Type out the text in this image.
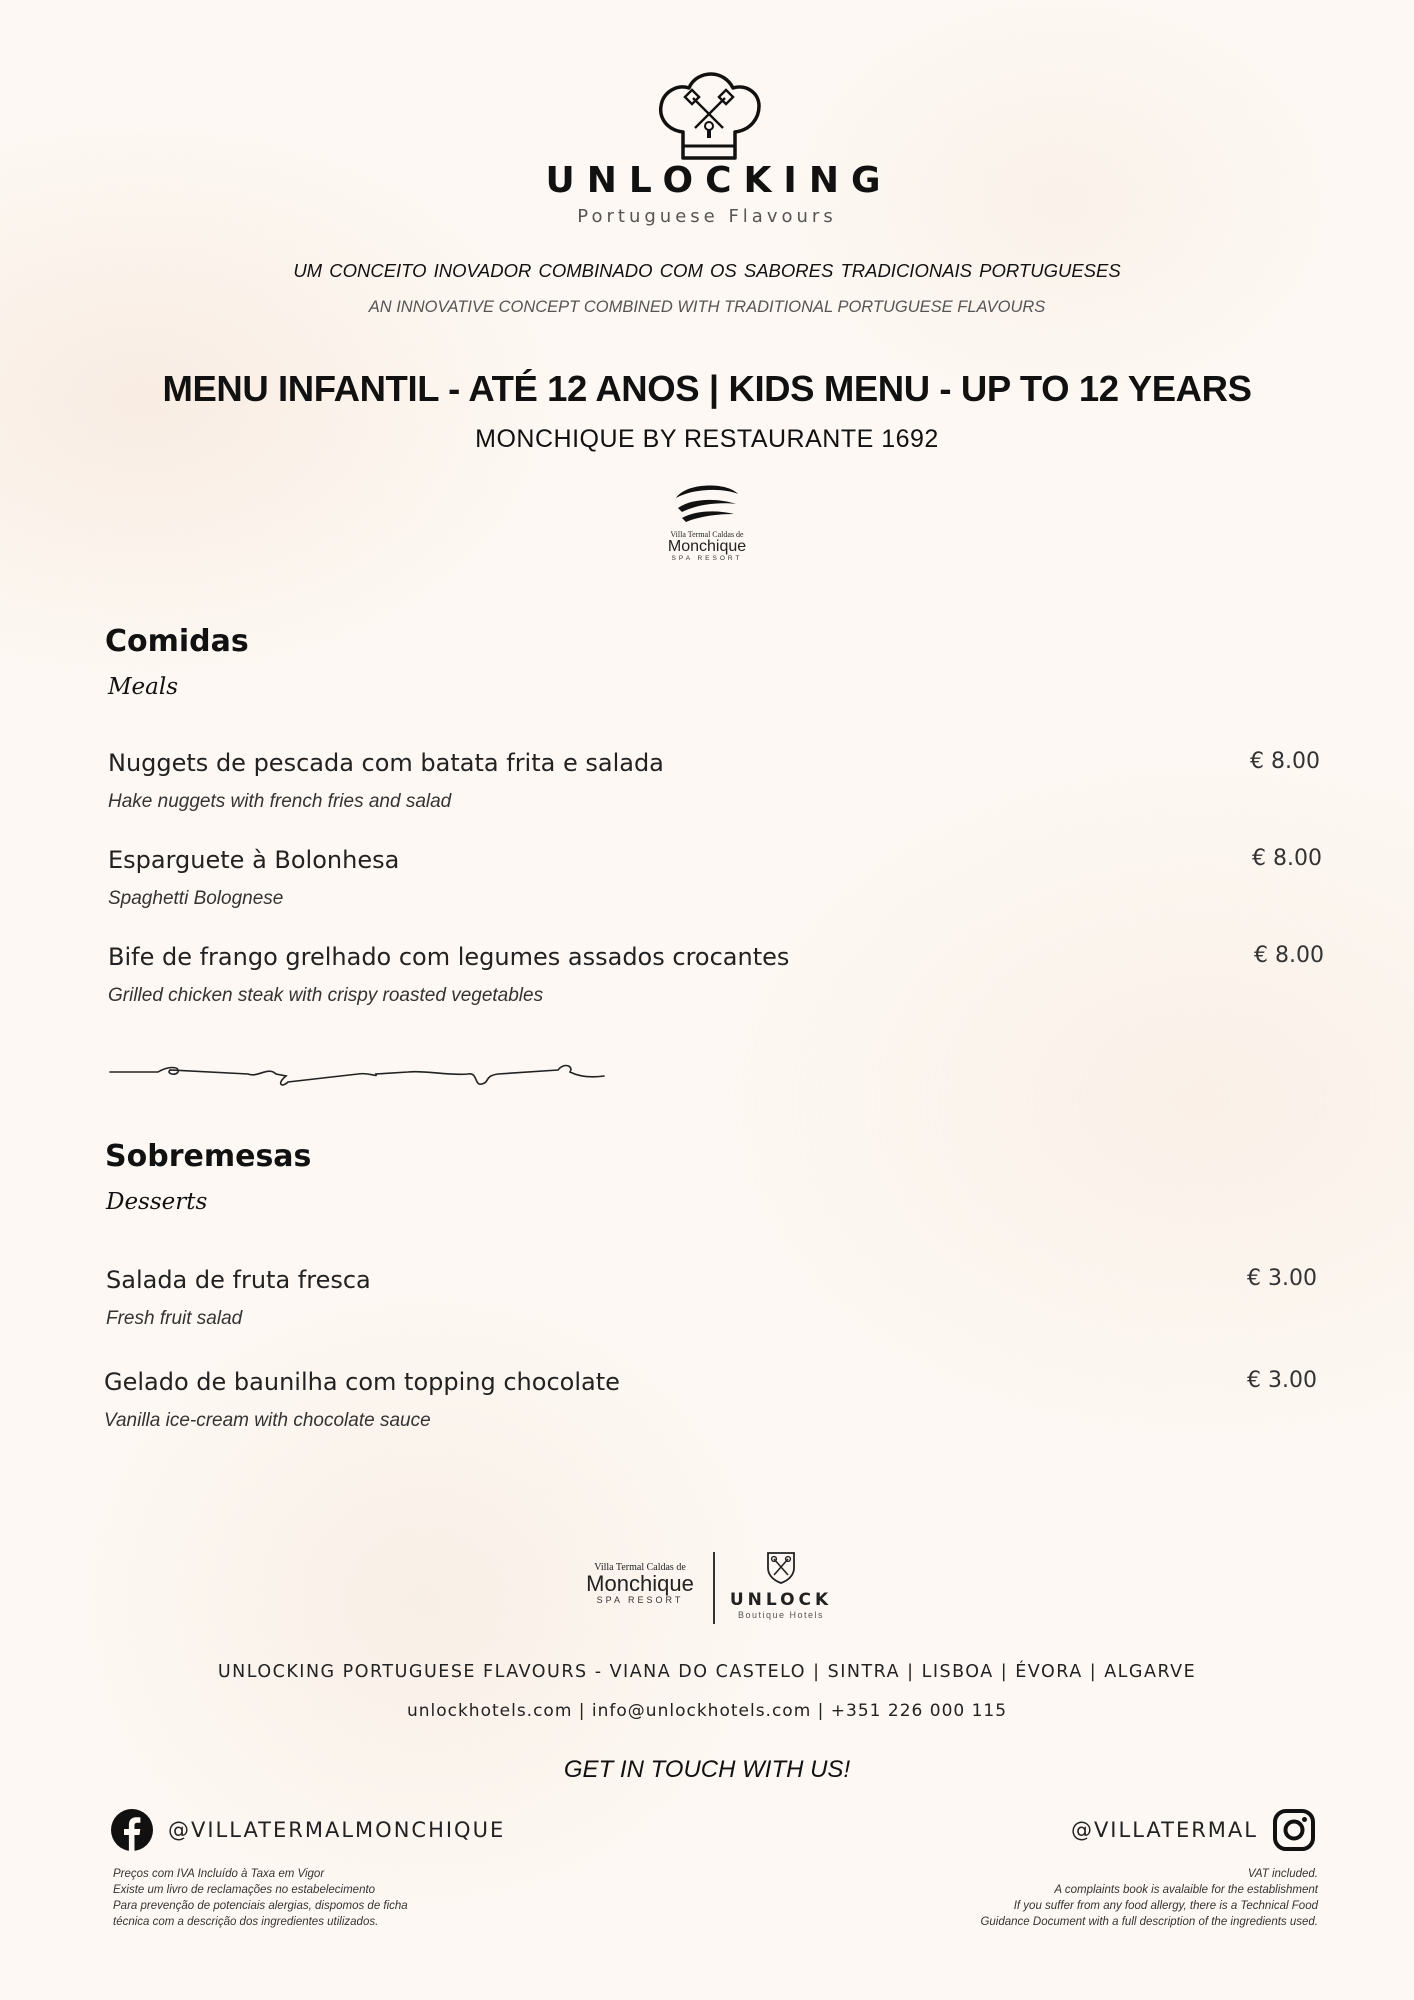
UNLOCKING
Portuguese Flavours
UM CONCEITO INOVADOR COMBINADO COM OS SABORES TRADICIONAIS PORTUGUESES
AN INNOVATIVE CONCEPT COMBINED WITH TRADITIONAL PORTUGUESE FLAVOURS
MENU INFANTIL - ATÉ 12 ANOS | KIDS MENU - UP TO 12 YEARS
MONCHIQUE BY RESTAURANTE 1692
Villa Termal Caldas de
Monchique
SPA RESORT
Comidas
Meals
Nuggets de pescada com batata frita e salada
Hake nuggets with french fries and salad
€ 8.00
Esparguete à Bolonhesa
Spaghetti Bolognese
€ 8.00
Bife de frango grelhado com legumes assados crocantes
Grilled chicken steak with crispy roasted vegetables
€ 8.00
Sobremesas
Desserts
Salada de fruta fresca
Fresh fruit salad
€ 3.00
Gelado de baunilha com topping chocolate
Vanilla ice-cream with chocolate sauce
€ 3.00
Villa Termal Caldas de
Monchique
SPA RESORT	UNLOCK
Boutique Hotels
UNLOCKING PORTUGUESE FLAVOURS - VIANA DO CASTELO | SINTRA | LISBOA | ÉVORA | ALGARVE
unlockhotels.com | info@unlockhotels.com | +351 226 000 115
GET IN TOUCH WITH US!
@VILLATERMALMONCHIQUE	@VILLATERMAL
Preços com IVA Incluído à Taxa em Vigor
Existe um livro de reclamações no estabelecimento
Para prevenção de potenciais alergias, dispomos de ficha
técnica com a descrição dos ingredientes utilizados.
VAT included.
A complaints book is avalaible for the establishment
If you suffer from any food allergy, there is a Technical Food
Guidance Document with a full description of the ingredients used.
